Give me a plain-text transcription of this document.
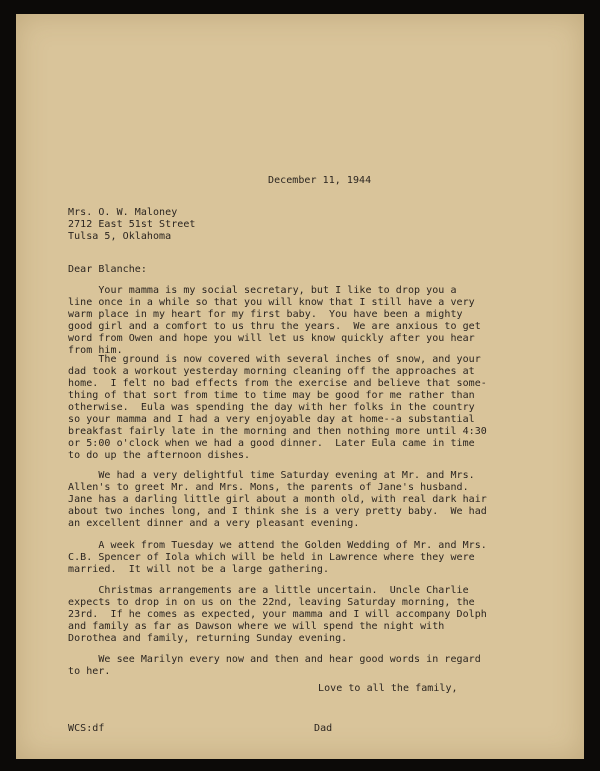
December 11, 1944
Mrs. O. W. Maloney
2712 East 51st Street
Tulsa 5, Oklahoma
Dear Blanche:
Your mamma is my social secretary, but I like to drop you a
line once in a while so that you will know that I still have a very
warm place in my heart for my first baby.  You have been a mighty
good girl and a comfort to us thru the years.  We are anxious to get
word from Owen and hope you will let us know quickly after you hear
from him.
The ground is now covered with several inches of snow, and your
dad took a workout yesterday morning cleaning off the approaches at
home.  I felt no bad effects from the exercise and believe that some-
thing of that sort from time to time may be good for me rather than
otherwise.  Eula was spending the day with her folks in the country
so your mamma and I had a very enjoyable day at home--a substantial
breakfast fairly late in the morning and then nothing more until 4:30
or 5:00 o'clock when we had a good dinner.  Later Eula came in time
to do up the afternoon dishes.
We had a very delightful time Saturday evening at Mr. and Mrs.
Allen's to greet Mr. and Mrs. Mons, the parents of Jane's husband.
Jane has a darling little girl about a month old, with real dark hair
about two inches long, and I think she is a very pretty baby.  We had
an excellent dinner and a very pleasant evening.
A week from Tuesday we attend the Golden Wedding of Mr. and Mrs.
C.B. Spencer of Iola which will be held in Lawrence where they were
married.  It will not be a large gathering.
Christmas arrangements are a little uncertain.  Uncle Charlie
expects to drop in on us on the 22nd, leaving Saturday morning, the
23rd.  If he comes as expected, your mamma and I will accompany Dolph
and family as far as Dawson where we will spend the night with
Dorothea and family, returning Sunday evening.
We see Marilyn every now and then and hear good words in regard
to her.
Love to all the family,
WCS:df	Dad
